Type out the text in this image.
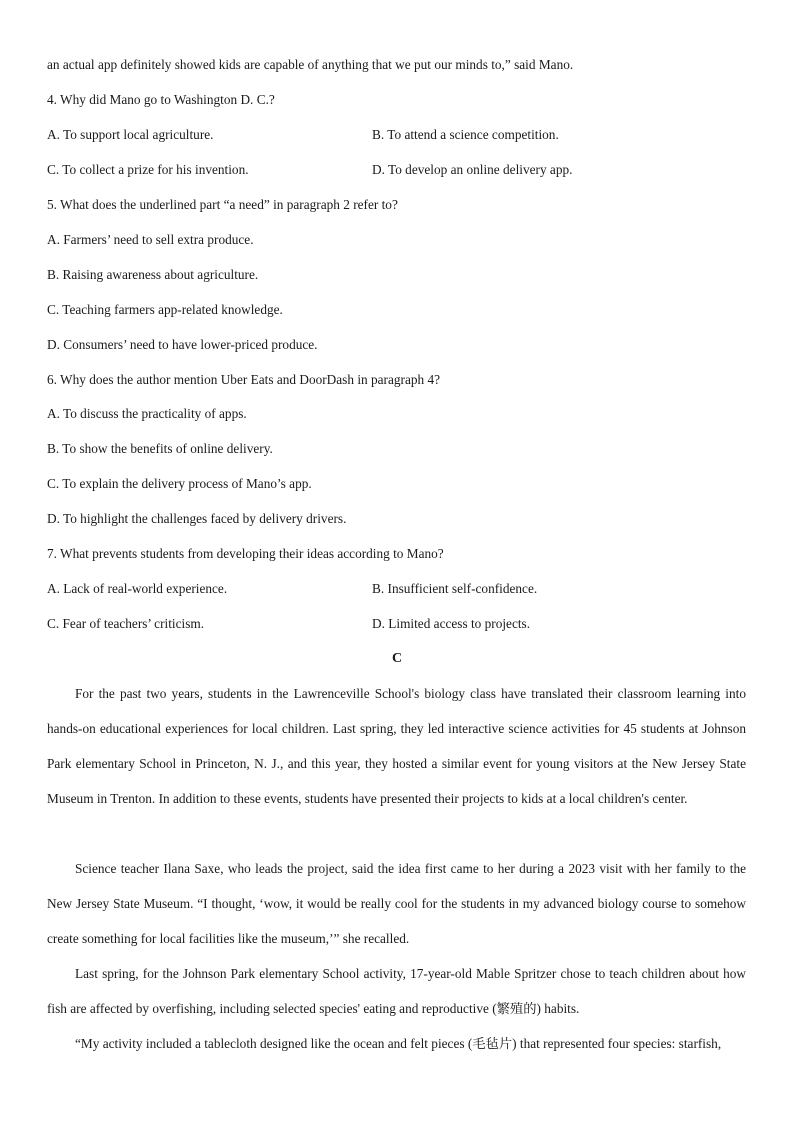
an actual app definitely showed kids are capable of anything that we put our minds to,” said Mano.
4. Why did Mano go to Washington D. C.?
A. To support local agriculture.	B. To attend a science competition.
C. To collect a prize for his invention.	D. To develop an online delivery app.
5. What does the underlined part “a need” in paragraph 2 refer to?
A. Farmers’ need to sell extra produce.
B. Raising awareness about agriculture.
C. Teaching farmers app-related knowledge.
D. Consumers’ need to have lower-priced produce.
6. Why does the author mention Uber Eats and DoorDash in paragraph 4?
A. To discuss the practicality of apps.
B. To show the benefits of online delivery.
C. To explain the delivery process of Mano’s app.
D. To highlight the challenges faced by delivery drivers.
7. What prevents students from developing their ideas according to Mano?
A. Lack of real-world experience.	B. Insufficient self-confidence.
C. Fear of teachers’ criticism.	D. Limited access to projects.
C
For the past two years, students in the Lawrenceville School's biology class have translated their classroom learning into hands-on educational experiences for local children. Last spring, they led interactive science activities for 45 students at Johnson Park elementary School in Princeton, N. J., and this year, they hosted a similar event for young visitors at the New Jersey State Museum in Trenton. In addition to these events, students have presented their projects to kids at a local children's center.
Science teacher Ilana Saxe, who leads the project, said the idea first came to her during a 2023 visit with her family to the New Jersey State Museum. “I thought, ‘wow, it would be really cool for the students in my advanced biology course to somehow create something for local facilities like the museum,’” she recalled.
Last spring, for the Johnson Park elementary School activity, 17-year-old Mable Spritzer chose to teach children about how fish are affected by overfishing, including selected species' eating and reproductive (繁殖的) habits.
“My activity included a tablecloth designed like the ocean and felt pieces (毛毡片) that represented four species: starfish,
